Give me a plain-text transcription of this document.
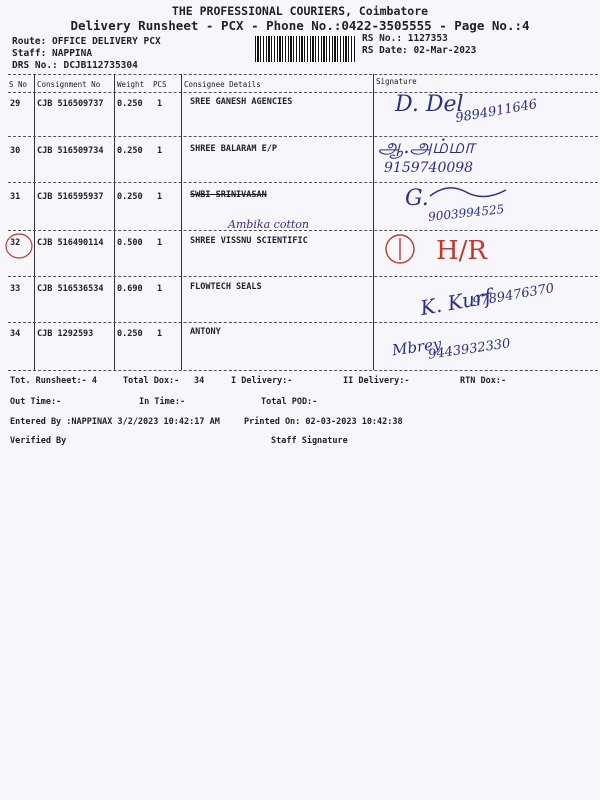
THE PROFESSIONAL COURIERS, Coimbatore
Delivery Runsheet - PCX - Phone No.:0422-3505555 - Page No.:4
Route: OFFICE DELIVERY PCX
Staff: NAPPINA
DRS No.: DCJB112735304
RS No.: 1127353
RS Date: 02-Mar-2023
S No Consignment No Weight PCS Consignee Details	Signature
29 CJB 516509737 0.250 1	SREE GANESH AGENCIES	D. Del
9894911646
30 CJB 516509734 0.250 1	SHREE BALARAM E/P	ஆ.அம்மா
9159740098
31 CJB 516595937 0.250 1	SWBI SRINIVASAN	G.
9003994525
Ambika cotton
32 CJB 516490114 0.500 1	SHREE VISSNU SCIENTIFIC	H/R
33 CJB 516536534 0.690 1	FLOWTECH SEALS	K. Kurf
9789476370
34 CJB 1292593	0.250 1	ANTONY
Mbrey
9443932330
Tot. Runsheet:- 4	Total Dox:- 34	I Delivery:-	II Delivery:-	RTN Dox:-
Out Time:-	In Time:-	Total POD:-
Entered By :NAPPINAX 3/2/2023 10:42:17 AM	Printed On: 02-03-2023 10:42:38
Verified By	Staff Signature
